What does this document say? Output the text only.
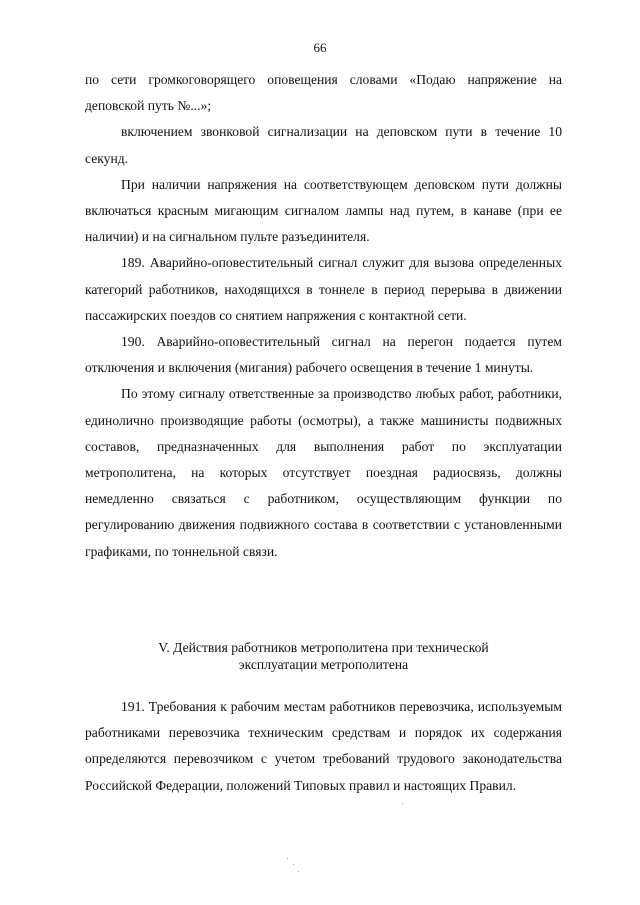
66

по сети громкоговорящего оповещения словами «Подаю напряжение на деповской путь №...»;

включением звонковой сигнализации на деповском пути в течение 10 секунд.

При наличии напряжения на соответствующем деповском пути должны включаться красным мигающим сигналом лампы над путем, в канаве (при ее наличии) и на сигнальном пульте разъединителя.

189. Аварийно-оповестительный сигнал служит для вызова определенных категорий работников, находящихся в тоннеле в период перерыва в движении пассажирских поездов со снятием напряжения с контактной сети.

190. Аварийно-оповестительный сигнал на перегон подается путем отключения и включения (мигания) рабочего освещения в течение 1 минуты.

По этому сигналу ответственные за производство любых работ, работники, единолично производящие работы (осмотры), а также машинисты подвижных составов, предназначенных для выполнения работ по эксплуатации метрополитена, на которых отсутствует поездная радиосвязь, должны немедленно связаться с работником, осуществляющим функции по регулированию движения подвижного состава в соответствии с установленными графиками, по тоннельной связи.

V. Действия работников метрополитена при технической
эксплуатации метрополитена

191. Требования к рабочим местам работников перевозчика, используемым работниками перевозчика техническим средствам и порядок их содержания определяются перевозчиком с учетом требований трудового законодательства Российской Федерации, положений Типовых правил и настоящих Правил.
